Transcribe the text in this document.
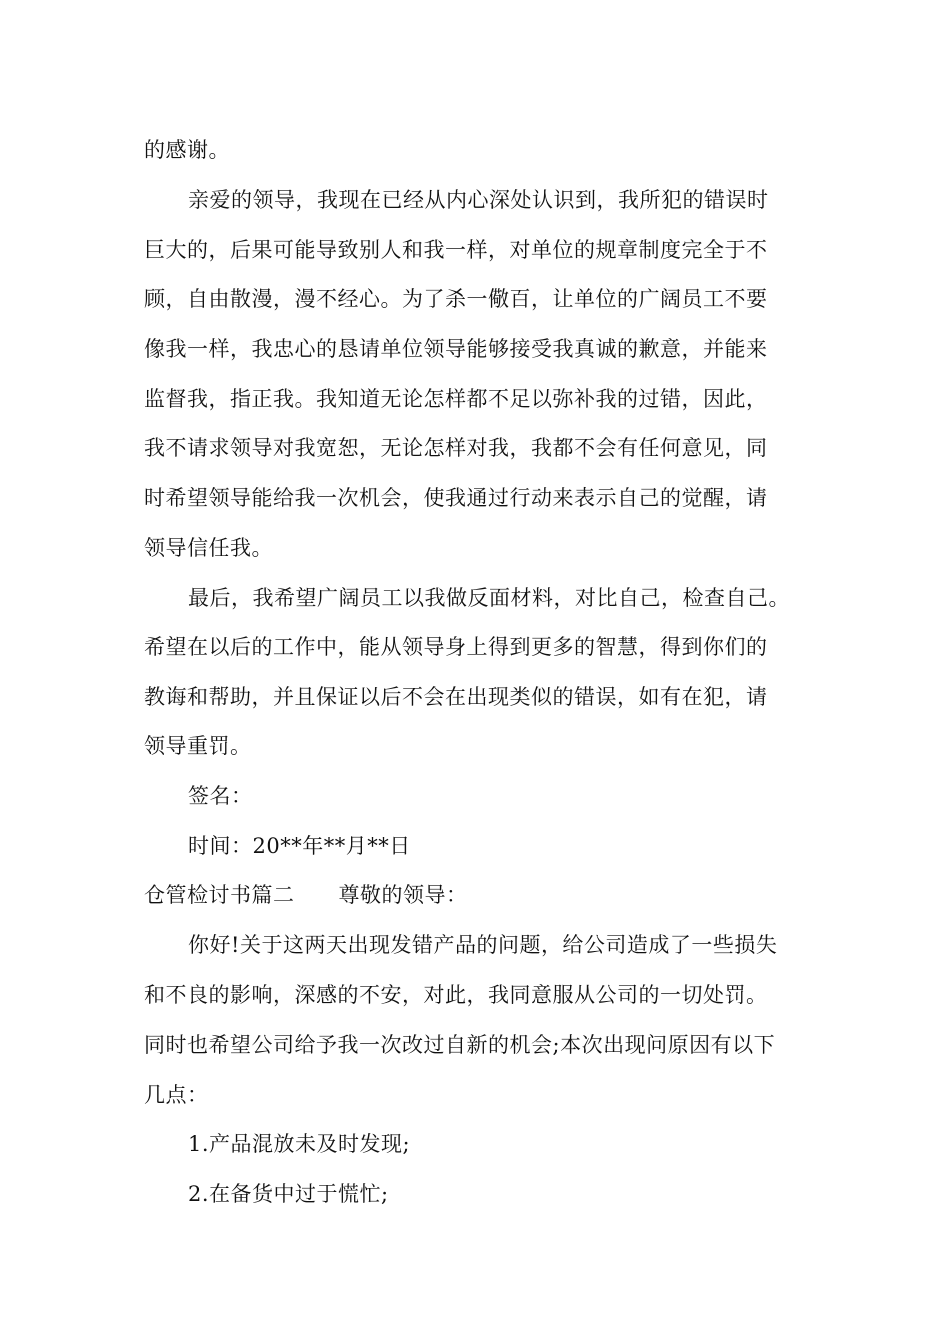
的感谢。
亲爱的领导，我现在已经从内心深处认识到，我所犯的错误时
巨大的，后果可能导致别人和我一样，对单位的规章制度完全于不
顾，自由散漫，漫不经心。为了杀一儆百，让单位的广阔员工不要
像我一样，我忠心的恳请单位领导能够接受我真诚的歉意，并能来
监督我，指正我。我知道无论怎样都不足以弥补我的过错，因此，
我不请求领导对我宽恕，无论怎样对我，我都不会有任何意见，同
时希望领导能给我一次机会，使我通过行动来表示自己的觉醒，请
领导信任我。
最后，我希望广阔员工以我做反面材料，对比自己，检查自己。
希望在以后的工作中，能从领导身上得到更多的智慧，得到你们的
教诲和帮助，并且保证以后不会在出现类似的错误，如有在犯，请
领导重罚。
签名：
时间：20**年**月**日
仓管检讨书篇二 尊敬的领导：
你好!关于这两天出现发错产品的问题，给公司造成了一些损失
和不良的影响，深感的不安，对此，我同意服从公司的一切处罚。
同时也希望公司给予我一次改过自新的机会;本次出现问原因有以下
几点：
1.产品混放未及时发现;
2.在备货中过于慌忙;
